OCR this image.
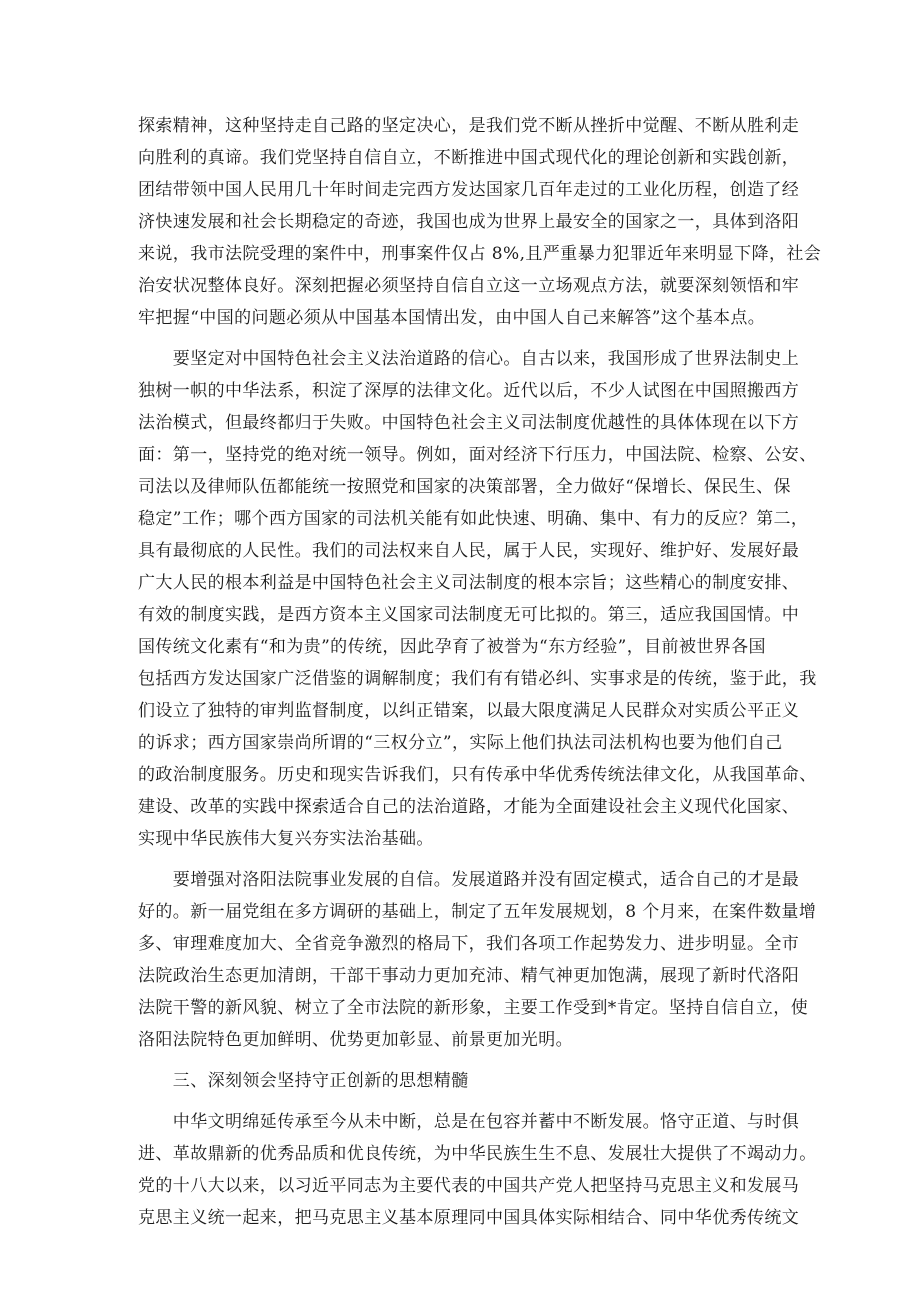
探索精神，这种坚持走自己路的坚定决心，是我们党不断从挫折中觉醒、不断从胜利走
向胜利的真谛。我们党坚持自信自立，不断推进中国式现代化的理论创新和实践创新，
团结带领中国人民用几十年时间走完西方发达国家几百年走过的工业化历程，创造了经
济快速发展和社会长期稳定的奇迹，我国也成为世界上最安全的国家之一，具体到洛阳
来说，我市法院受理的案件中，刑事案件仅占 8%,且严重暴力犯罪近年来明显下降，社会
治安状况整体良好。深刻把握必须坚持自信自立这一立场观点方法，就要深刻领悟和牢
牢把握“中国的问题必须从中国基本国情出发，由中国人自己来解答”这个基本点。
　　要坚定对中国特色社会主义法治道路的信心。自古以来，我国形成了世界法制史上
独树一帜的中华法系，积淀了深厚的法律文化。近代以后，不少人试图在中国照搬西方
法治模式，但最终都归于失败。中国特色社会主义司法制度优越性的具体体现在以下方
面：第一，坚持党的绝对统一领导。例如，面对经济下行压力，中国法院、检察、公安、
司法以及律师队伍都能统一按照党和国家的决策部署，全力做好“保增长、保民生、保
稳定”工作；哪个西方国家的司法机关能有如此快速、明确、集中、有力的反应？第二，
具有最彻底的人民性。我们的司法权来自人民，属于人民，实现好、维护好、发展好最
广大人民的根本利益是中国特色社会主义司法制度的根本宗旨；这些精心的制度安排、
有效的制度实践，是西方资本主义国家司法制度无可比拟的。第三，适应我国国情。中
国传统文化素有“和为贵”的传统，因此孕育了被誉为“东方经验”，目前被世界各国
包括西方发达国家广泛借鉴的调解制度；我们有有错必纠、实事求是的传统，鉴于此，我
们设立了独特的审判监督制度，以纠正错案，以最大限度满足人民群众对实质公平正义
的诉求；西方国家崇尚所谓的“三权分立”，实际上他们执法司法机构也要为他们自己
的政治制度服务。历史和现实告诉我们，只有传承中华优秀传统法律文化，从我国革命、
建设、改革的实践中探索适合自己的法治道路，才能为全面建设社会主义现代化国家、
实现中华民族伟大复兴夯实法治基础。
　　要增强对洛阳法院事业发展的自信。发展道路并没有固定模式，适合自己的才是最
好的。新一届党组在多方调研的基础上，制定了五年发展规划，8 个月来，在案件数量增
多、审理难度加大、全省竞争激烈的格局下，我们各项工作起势发力、进步明显。全市
法院政治生态更加清朗，干部干事动力更加充沛、精气神更加饱满，展现了新时代洛阳
法院干警的新风貌、树立了全市法院的新形象，主要工作受到*肯定。坚持自信自立，使
洛阳法院特色更加鲜明、优势更加彰显、前景更加光明。
　　三、深刻领会坚持守正创新的思想精髓
　　中华文明绵延传承至今从未中断，总是在包容并蓄中不断发展。恪守正道、与时俱
进、革故鼎新的优秀品质和优良传统，为中华民族生生不息、发展壮大提供了不竭动力。
党的十八大以来，以习近平同志为主要代表的中国共产党人把坚持马克思主义和发展马
克思主义统一起来，把马克思主义基本原理同中国具体实际相结合、同中华优秀传统文
